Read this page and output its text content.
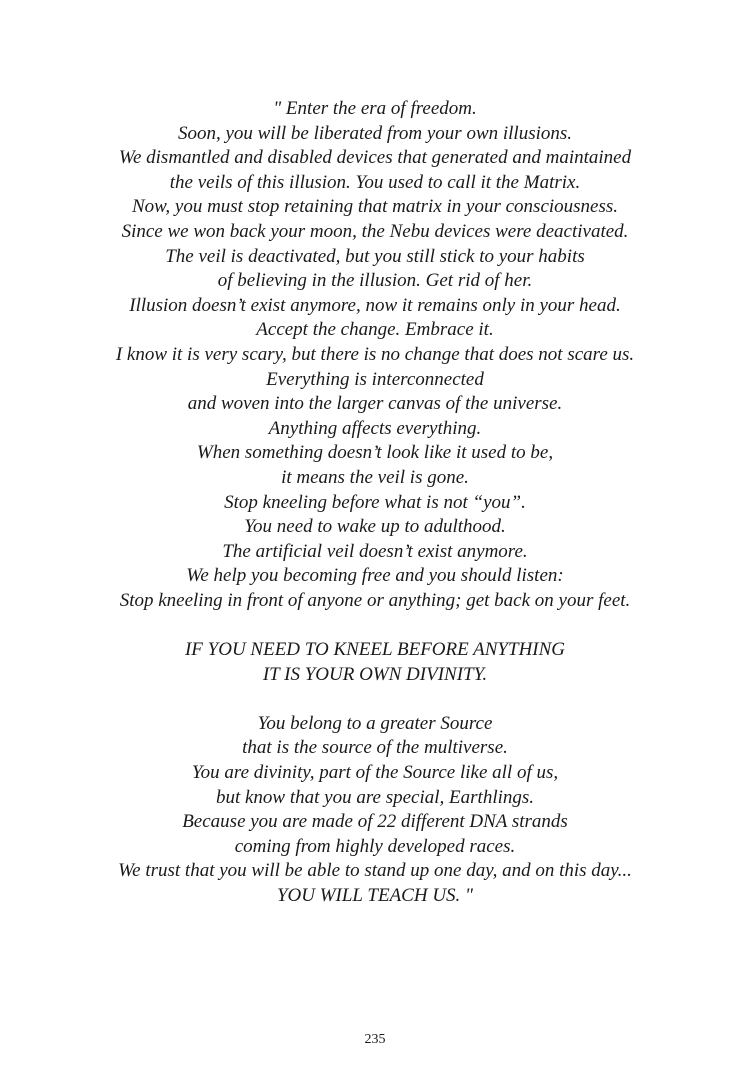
" Enter the era of freedom.
Soon, you will be liberated from your own illusions.
We dismantled and disabled devices that generated and maintained
the veils of this illusion. You used to call it the Matrix.
Now, you must stop retaining that matrix in your consciousness.
Since we won back your moon, the Nebu devices were deactivated.
The veil is deactivated, but you still stick to your habits
of believing in the illusion. Get rid of her.
Illusion doesn’t exist anymore, now it remains only in your head.
Accept the change. Embrace it.
I know it is very scary, but there is no change that does not scare us.
Everything is interconnected
and woven into the larger canvas of the universe.
Anything affects everything.
When something doesn’t look like it used to be,
it means the veil is gone.
Stop kneeling before what is not “you”.
You need to wake up to adulthood.
The artificial veil doesn’t exist anymore.
We help you becoming free and you should listen:
Stop kneeling in front of anyone or anything; get back on your feet.
IF YOU NEED TO KNEEL BEFORE ANYTHING
IT IS YOUR OWN DIVINITY.
You belong to a greater Source
that is the source of the multiverse.
You are divinity, part of the Source like all of us,
but know that you are special, Earthlings.
Because you are made of 22 different DNA strands
coming from highly developed races.
We trust that you will be able to stand up one day, and on this day...
YOU WILL TEACH US. "
235
